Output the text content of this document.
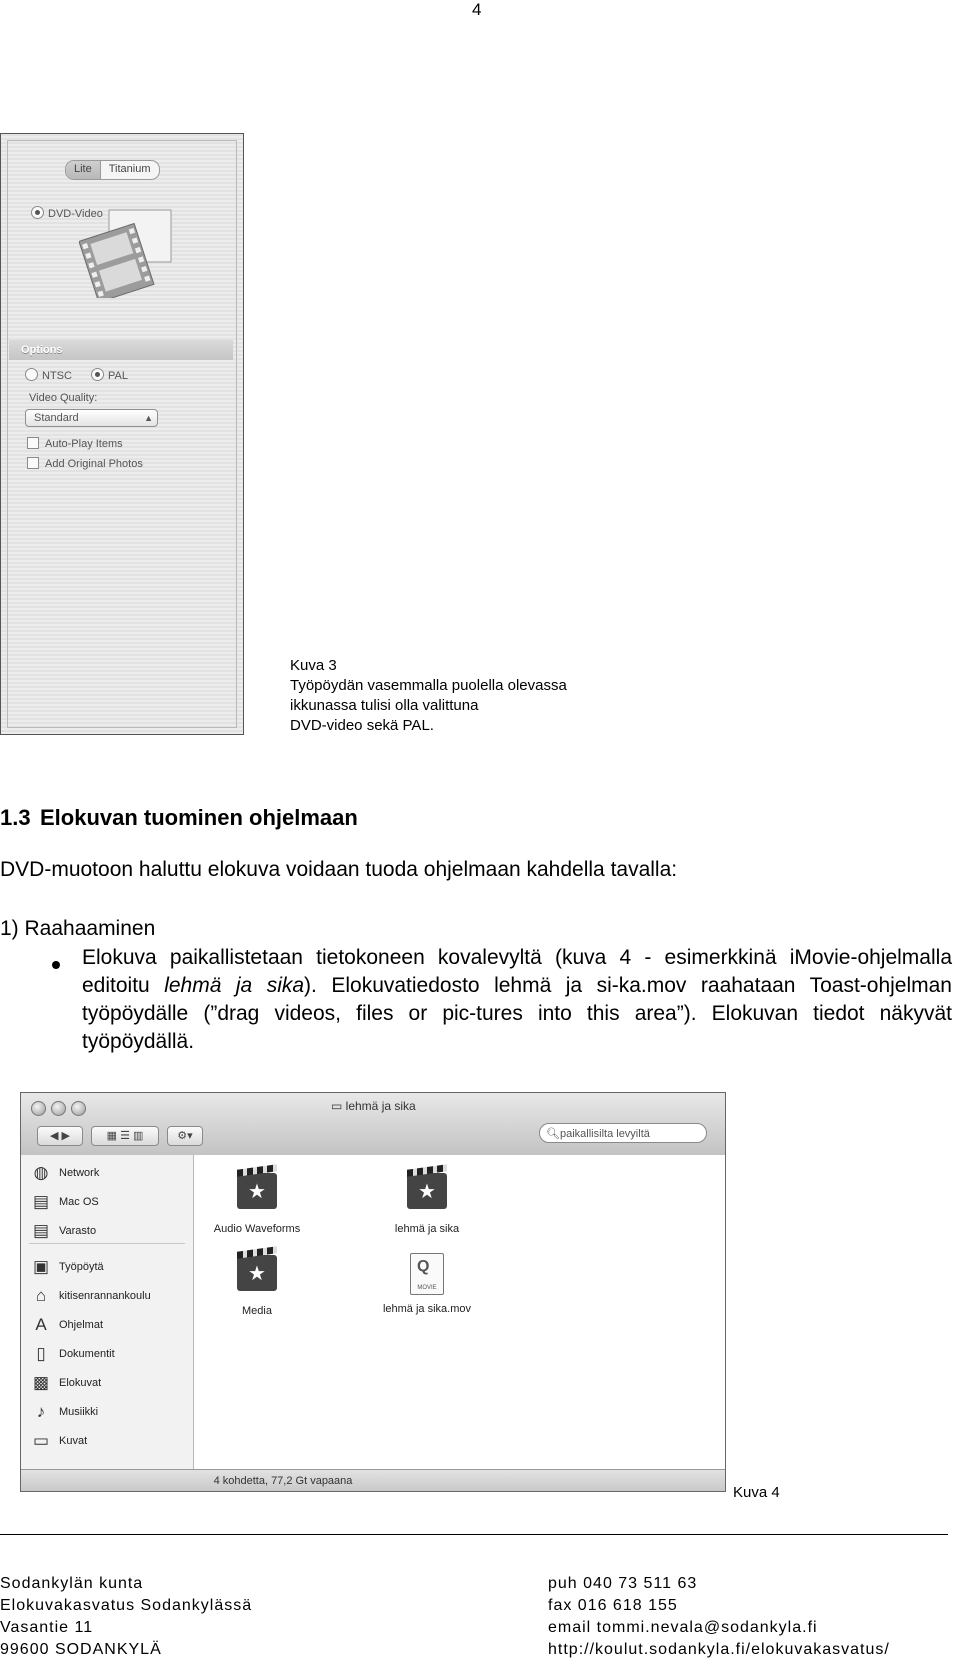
4
Lite	Titanium
DVD-Video
Options
NTSC	PAL
Video Quality:
Standard	▲

Auto-Play Items
Add Original Photos
Kuva 3
Työpöydän vasemmalla puolella olevassa
ikkunassa tulisi olla valittuna
DVD-video sekä PAL.
1.3 Elokuvan tuominen ohjelmaan
DVD-muotoon haluttu elokuva voidaan tuoda ohjelmaan kahdella tavalla:
1) Raahaaminen
Elokuva paikallistetaan tietokoneen kovalevyltä (kuva 4 - esimerkkinä iMovie-ohjelmalla editoitu lehmä ja sika). Elokuvatiedosto lehmä ja si-ka.mov raahataan Toast-ohjelman työpöydälle (”drag videos, files or pic-tures into this area”). Elokuvan tiedot näkyvät työpöydällä.
▭ lehmä ja sika
◀ ▶	▦ ☰ ▥	⚙▾	🔍︎ paikallisilta levyiltä
◍ Network
▤ Mac OS
▤ Varasto
▣ Työpöytä
⌂	kitisenrannankoulu
A	Ohjelmat
▯	Dokumentit
▩ Elokuvat
♪	Musiikki
▭ Kuvat
★
Audio Waveforms
★
lehmä ja sika
★
Media
Q
MOVIE
lehmä ja sika.mov
4 kohdetta, 77,2 Gt vapaana
Kuva 4
Sodankylän kunta
Elokuvakasvatus Sodankylässä
Vasantie 11
99600 SODANKYLÄ
puh 040 73 511 63
fax 016 618 155
email tommi.nevala@sodankyla.fi
http://koulut.sodankyla.fi/elokuvakasvatus/
